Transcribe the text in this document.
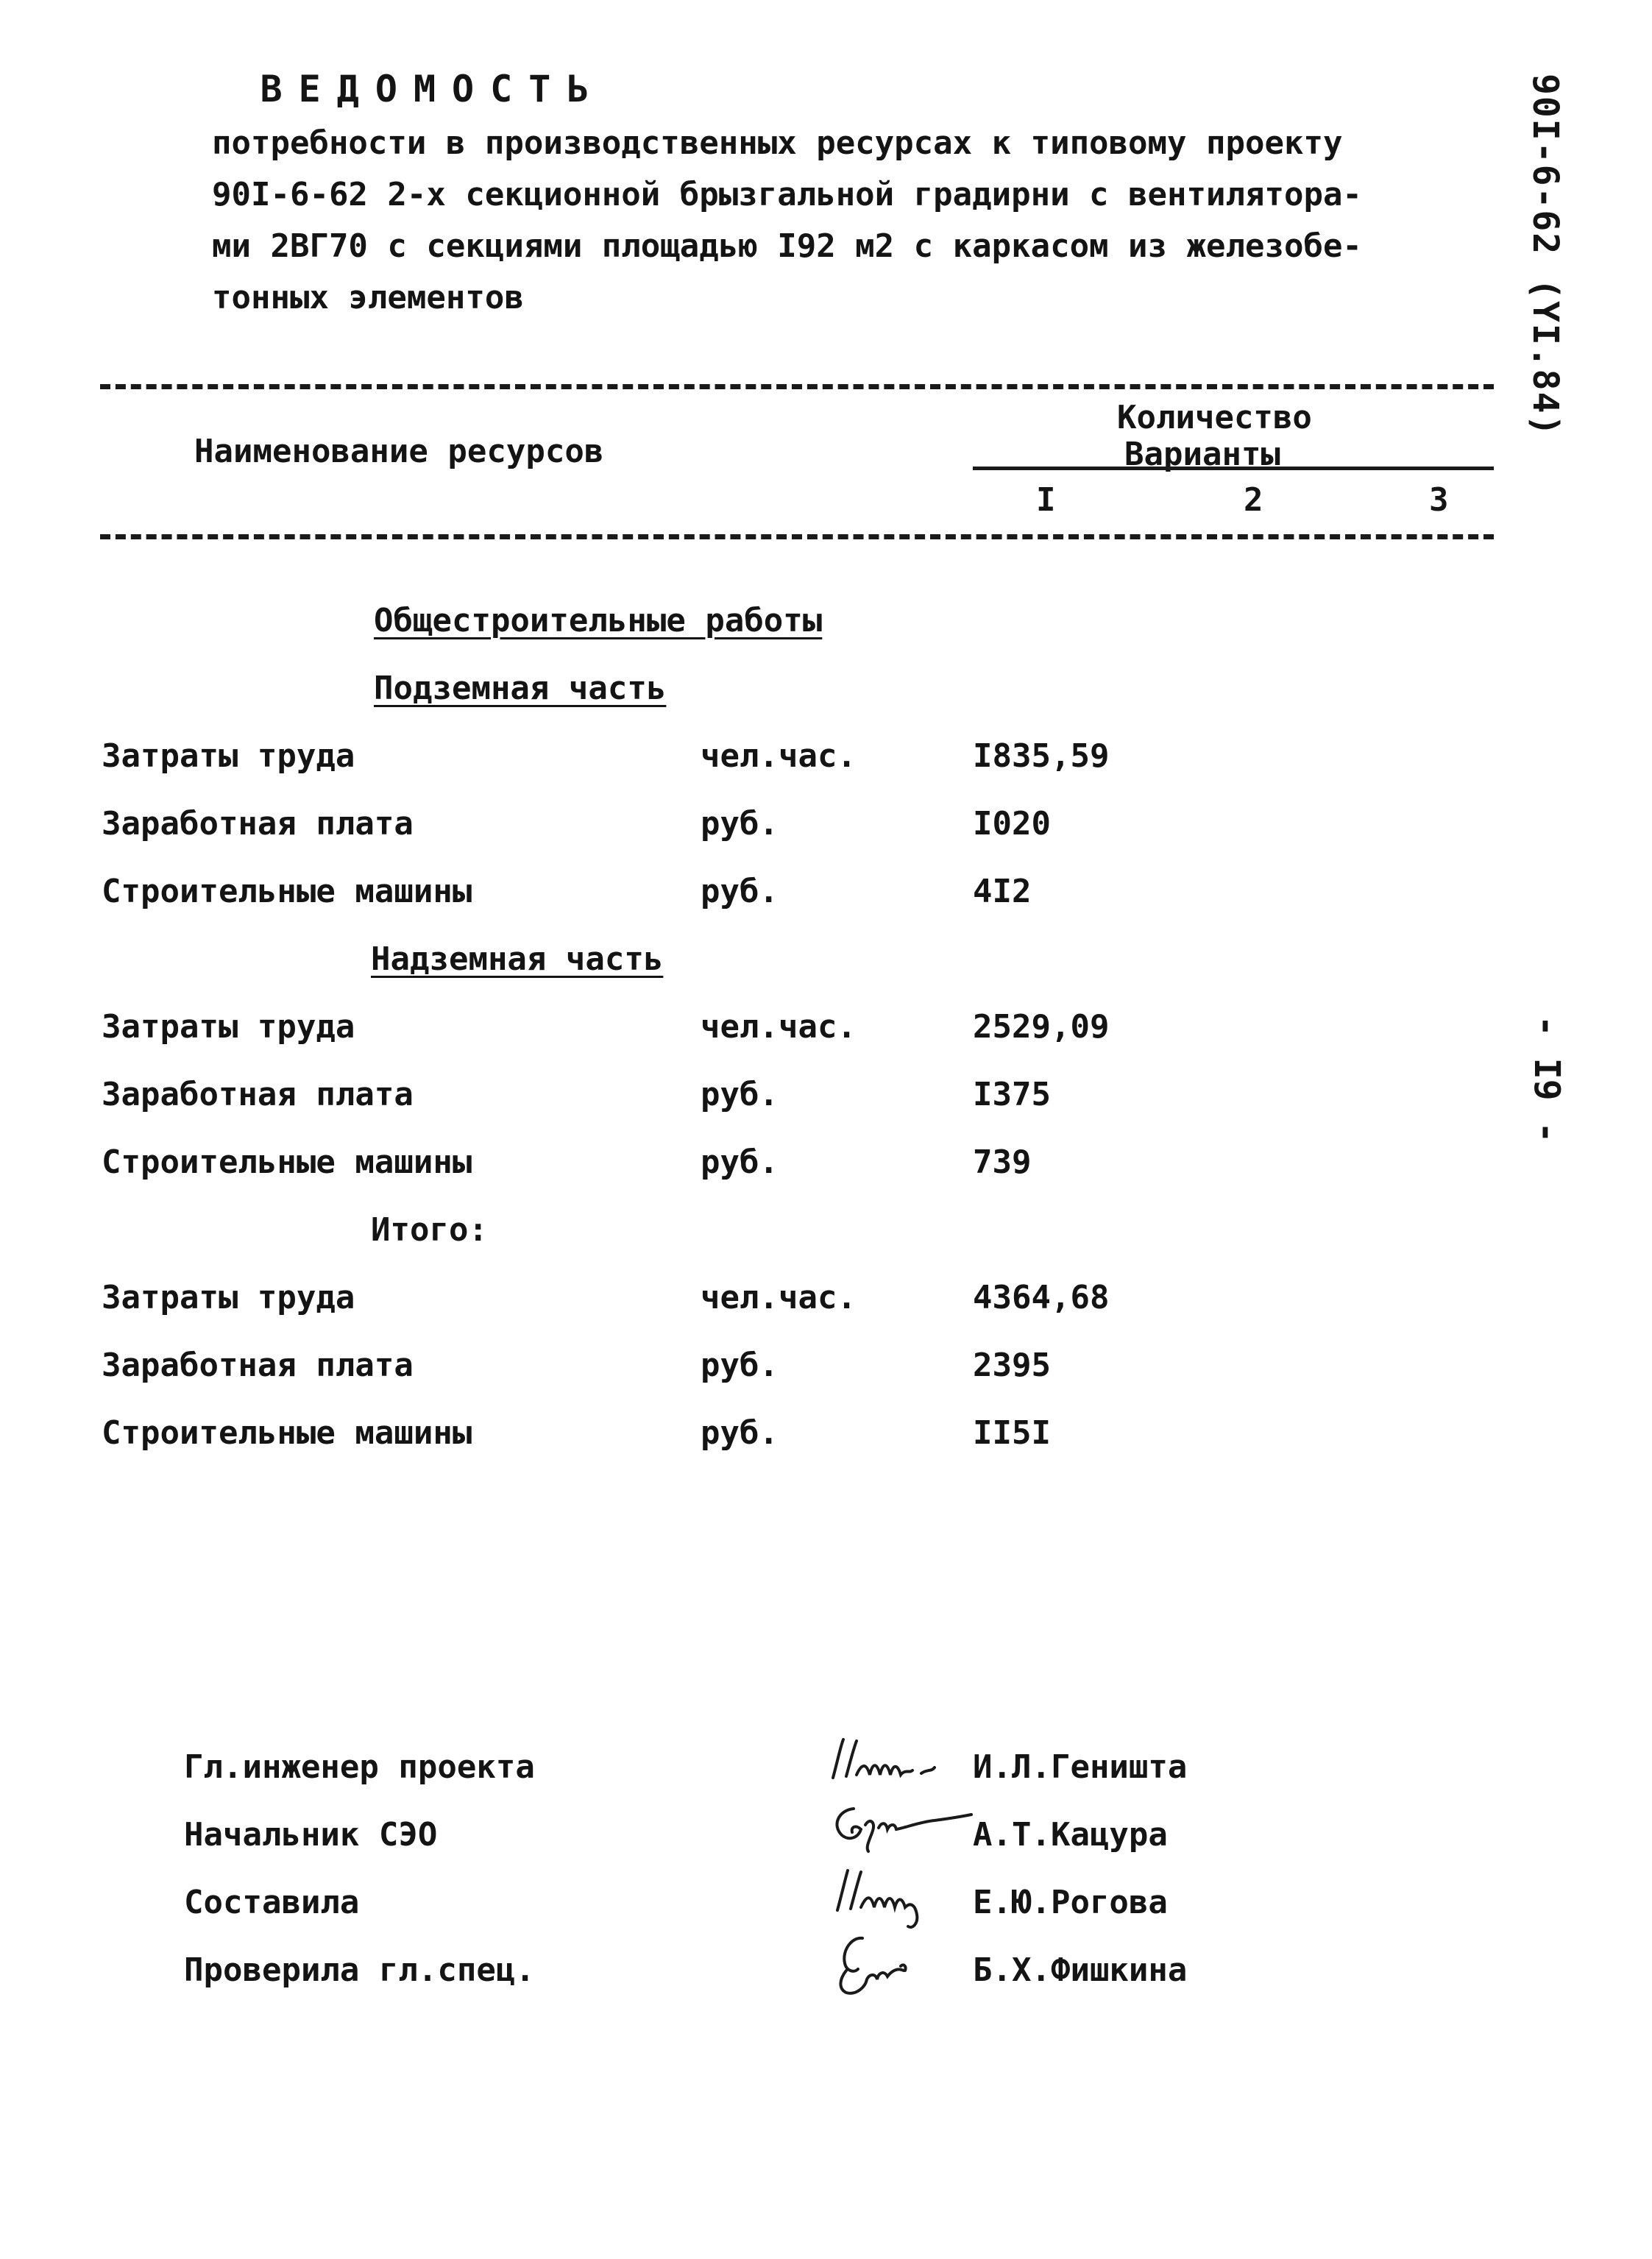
ВЕДОМОСТЬ
потребности в производственных ресурсах к типовому проекту
90I-6-62 2-х секционной брызгальной градирни с вентилятора-
ми 2ВГ70 с секциями площадью I92 м2 с каркасом из железобе-
тонных элементов	90I-6-62 (YI.84)
- I9 -
Наименование ресурсов
Количество
Варианты
I	2	3
Общестроительные работы
Подземная часть
Затраты труда	чел.час.	I835,59
Заработная плата	руб.	I020
Строительные машины	руб.	4I2
Надземная часть
Затраты труда	чел.час.	2529,09
Заработная плата	руб.	I375
Строительные машины	руб.	739
Итого:
Затраты труда	чел.час.	4364,68
Заработная плата	руб.	2395
Строительные машины	руб.	II5I
Гл.инженер проекта	И.Л.Геништа
Начальник СЭО	А.Т.Кацура
Составила	Е.Ю.Рогова
Проверила гл.спец.	Б.Х.Фишкина
